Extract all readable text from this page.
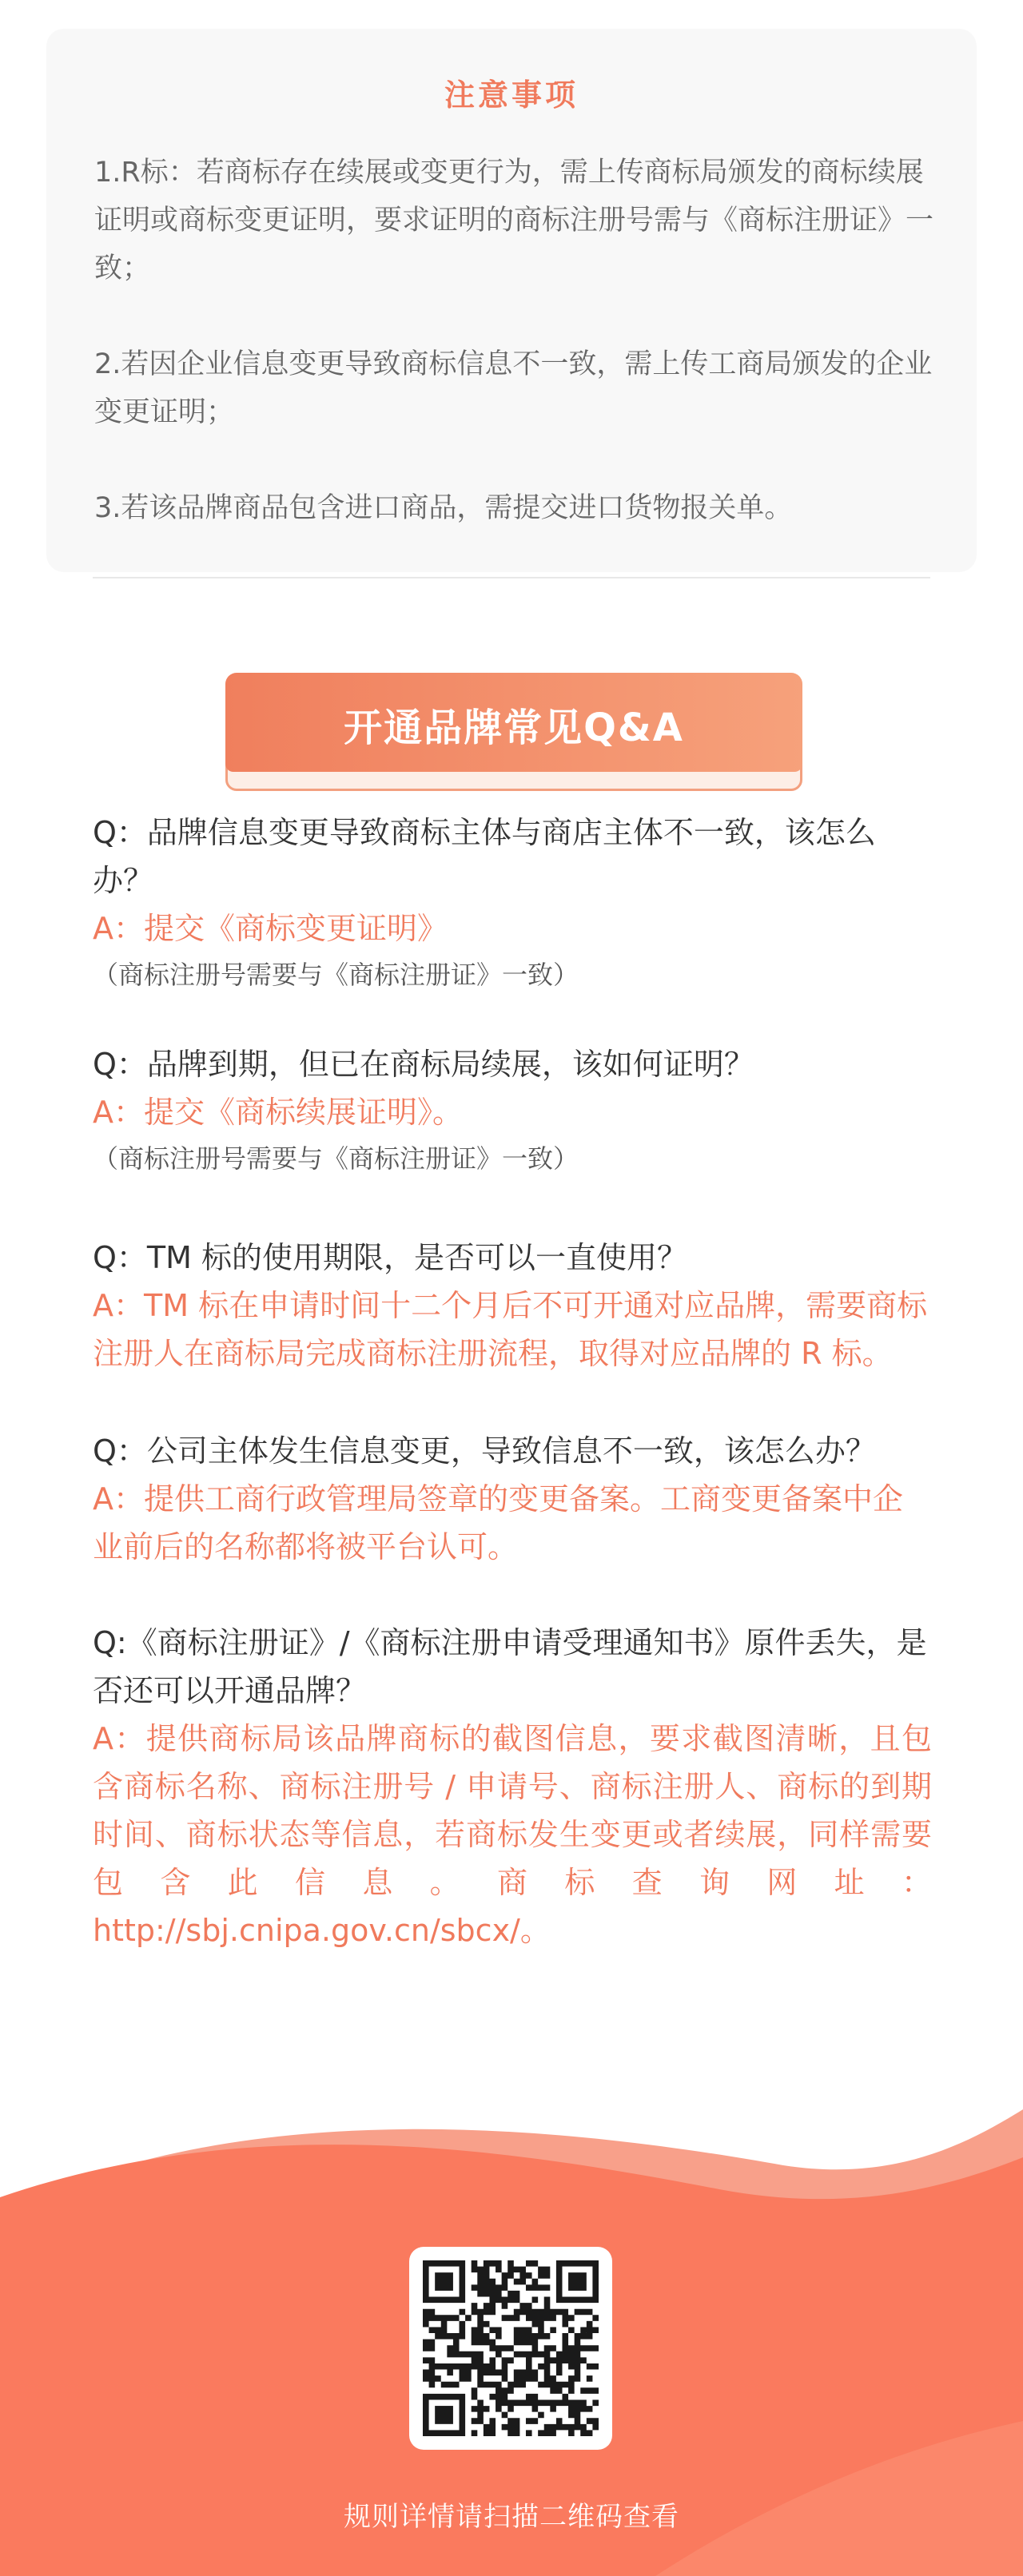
注意事项

1.R标：若商标存在续展或变更行为，需上传商标局颁发的商标续展证明或商标变更证明，要求证明的商标注册号需与《商标注册证》一致；

2.若因企业信息变更导致商标信息不一致，需上传工商局颁发的企业变更证明；

3.若该品牌商品包含进口商品，需提交进口货物报关单。

开通品牌常见Q&A

Q：品牌信息变更导致商标主体与商店主体不一致，该怎么办？

A：提交《商标变更证明》

（商标注册号需要与《商标注册证》一致）

Q：品牌到期，但已在商标局续展，该如何证明？

A：提交《商标续展证明》。

（商标注册号需要与《商标注册证》一致）

Q：TM 标的使用期限，是否可以一直使用？

A：TM 标在申请时间十二个月后不可开通对应品牌，需要商标注册人在商标局完成商标注册流程，取得对应品牌的 R 标。

Q：公司主体发生信息变更，导致信息不一致，该怎么办？

A：提供工商行政管理局签章的变更备案。工商变更备案中企业前后的名称都将被平台认可。

Q:《商标注册证》/《商标注册申请受理通知书》原件丢失，是否还可以开通品牌？

A：提供商标局该品牌商标的截图信息，要求截图清晰，且包含商标名称、商标注册号 / 申请号、商标注册人、商标的到期时间、商标状态等信息，若商标发生变更或者续展，同样需要包含此信息。商标查询网址：http://sbj.cnipa.gov.cn/sbcx/。

规则详情请扫描二维码查看
